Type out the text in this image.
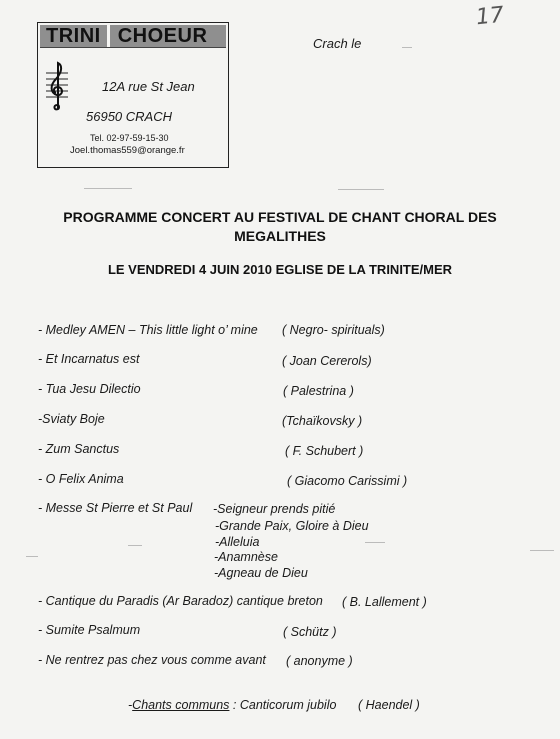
17
TRINI CHOEUR
12A rue St Jean
56950 CRACH
Tel. 02-97-59-15-30
Joel.thomas559@orange.fr
Crach le
PROGRAMME CONCERT AU FESTIVAL DE CHANT CHORAL DES MEGALITHES
LE VENDREDI 4 JUIN 2010 EGLISE DE LA TRINITE/MER
- Medley AMEN – This little light o’ mine ( Negro- spirituals)
- Et Incarnatus est	( Joan Cererols)
- Tua Jesu Dilectio	( Palestrina )
-Sviaty Boje	(Tchaïkovsky )
- Zum Sanctus	( F. Schubert )
- O Felix Anima	( Giacomo Carissimi )
- Messe St Pierre et St Paul -Seigneur prends pitié
-Grande Paix, Gloire à Dieu
-Alleluia
-Anamnèse
-Agneau de Dieu
- Cantique du Paradis (Ar Baradoz) cantique breton ( B. Lallement )
- Sumite Psalmum	( Schütz )
- Ne rentrez pas chez vous comme avant ( anonyme )
-Chants communs : Canticorum jubilo ( Haendel )
